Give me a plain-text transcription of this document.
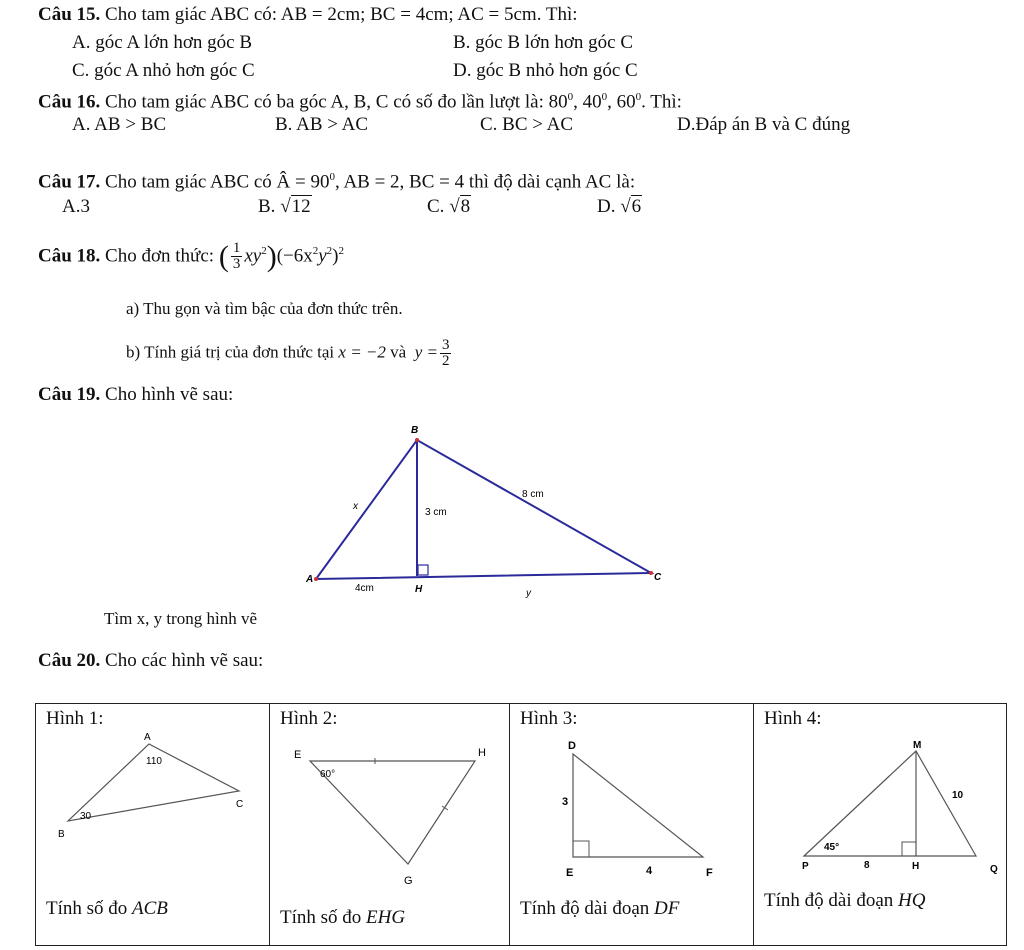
Câu 15. Cho tam giác ABC có: AB = 2cm; BC = 4cm; AC = 5cm. Thì:
A. góc A lớn hơn góc B	B. góc B lớn hơn góc C
C. góc A nhỏ hơn góc C	D. góc B nhỏ hơn góc C
Câu 16. Cho tam giác ABC có ba góc A, B, C có số đo lần lượt là: $80^0$, $40^0$, $60^0$. Thì:
A. AB > BC	B. AB > AC	C. BC > AC	D.Đáp án B và C đúng
Câu 17. Cho tam giác ABC có Â = $90^0$, AB = 2, BC = 4 thì độ dài cạnh AC là:
A.3	B. √12	C. √8	D. √6
Câu 18. Cho đơn thức: ( $\frac{1}{3} xy^2)(-6x^2y^2)^2$
a) Thu gọn và tìm bậc của đơn thức trên.
b) Tính giá trị của đơn thức tại x = −2 và $y = \frac{3}{2}$
Câu 19. Cho hình vẽ sau:
B
A	C
H
x
y
3 cm
8 cm
4cm
Tìm x, y trong hình vẽ
Câu 20. Cho các hình vẽ sau:
Hình 1:
A
C
B
110
30
Tính số đo ACB
Hình 2:
E	H
G
60°
Tính số đo EHG
Hình 3:
D
E	F
3
4
Tính độ dài đoạn DF
Hình 4:
M
P	H	Q
45°
8
10
Tính độ dài đoạn HQ
